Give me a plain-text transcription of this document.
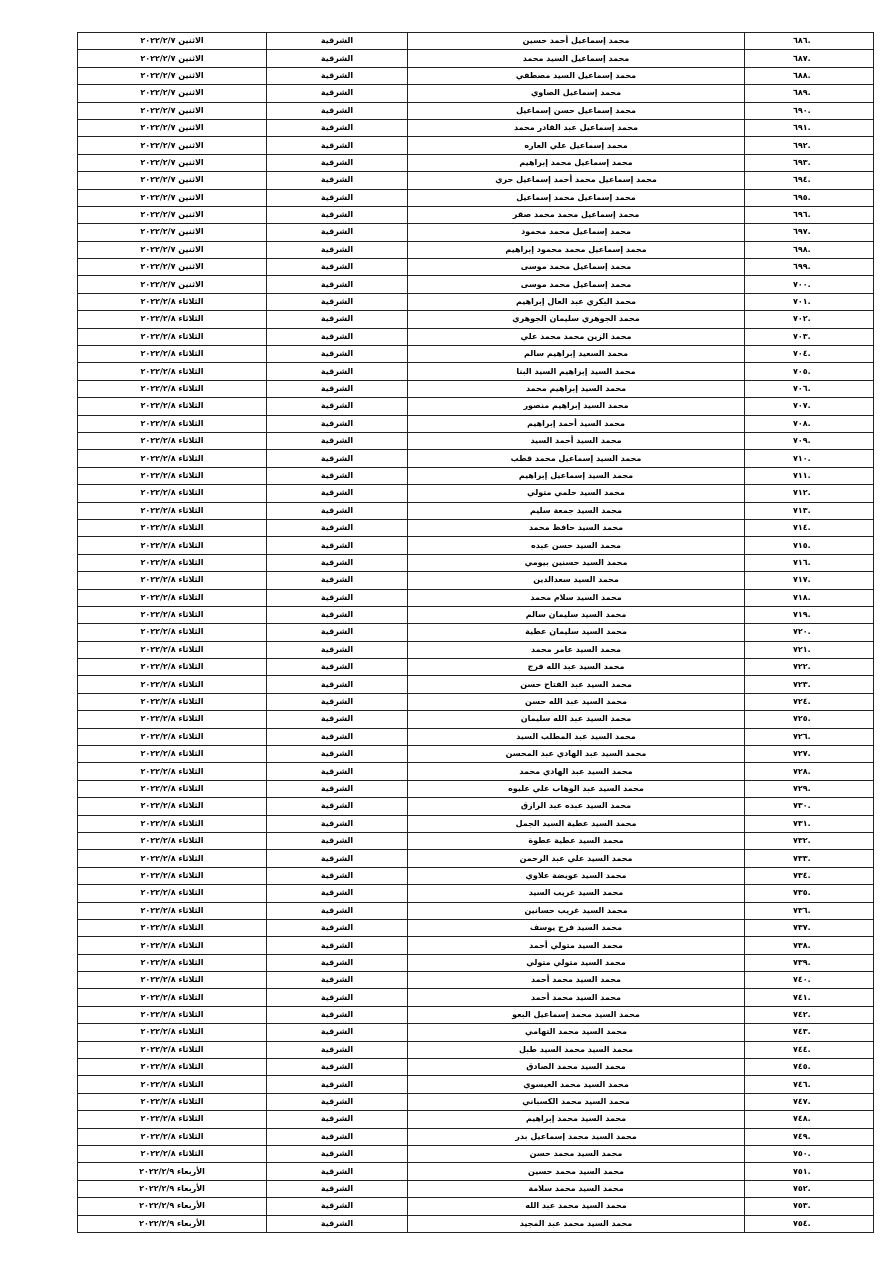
.٦٨٦	محمد إسماعيل أحمد حسين	الشرقية	الاثنين ٢٠٢٢/٢/٧
.٦٨٧	محمد إسماعيل السيد محمد	الشرقية	الاثنين ٢٠٢٢/٢/٧
.٦٨٨	محمد إسماعيل السيد مصطفي	الشرقية	الاثنين ٢٠٢٢/٢/٧
.٦٨٩	محمد إسماعيل الصاوي	الشرقية	الاثنين ٢٠٢٢/٢/٧
.٦٩٠	محمد إسماعيل حسن إسماعيل	الشرقية	الاثنين ٢٠٢٢/٢/٧
.٦٩١	محمد إسماعيل عبد القادر محمد	الشرقية	الاثنين ٢٠٢٢/٢/٧
.٦٩٢	محمد إسماعيل علي العاره	الشرقية	الاثنين ٢٠٢٢/٢/٧
.٦٩٣	محمد إسماعيل محمد إبراهيم	الشرقية	الاثنين ٢٠٢٢/٢/٧
.٦٩٤	محمد إسماعيل محمد أحمد إسماعيل حري	الشرقية	الاثنين ٢٠٢٢/٢/٧
.٦٩٥	محمد إسماعيل محمد إسماعيل	الشرقية	الاثنين ٢٠٢٢/٢/٧
.٦٩٦	محمد إسماعيل محمد محمد صقر	الشرقية	الاثنين ٢٠٢٢/٢/٧
.٦٩٧	محمد إسماعيل محمد محمود	الشرقية	الاثنين ٢٠٢٢/٢/٧
.٦٩٨	محمد إسماعيل محمد محمود إبراهيم	الشرقية	الاثنين ٢٠٢٢/٢/٧
.٦٩٩	محمد إسماعيل محمد موسى	الشرقية	الاثنين ٢٠٢٢/٢/٧
.٧٠٠	محمد إسماعيل محمد موسى	الشرقية	الاثنين ٢٠٢٢/٢/٧
.٧٠١	محمد البكري عبد العال إبراهيم	الشرقية	الثلاثاء ٢٠٢٢/٢/٨
.٧٠٢	محمد الجوهري سليمان الجوهري	الشرقية	الثلاثاء ٢٠٢٢/٢/٨
.٧٠٣	محمد الزين محمد محمد علي	الشرقية	الثلاثاء ٢٠٢٢/٢/٨
.٧٠٤	محمد السعيد إبراهيم سالم	الشرقية	الثلاثاء ٢٠٢٢/٢/٨
.٧٠٥	محمد السيد إبراهيم السيد البنا	الشرقية	الثلاثاء ٢٠٢٢/٢/٨
.٧٠٦	محمد السيد إبراهيم محمد	الشرقية	الثلاثاء ٢٠٢٢/٢/٨
.٧٠٧	محمد السيد إبراهيم منصور	الشرقية	الثلاثاء ٢٠٢٢/٢/٨
.٧٠٨	محمد السيد أحمد إبراهيم	الشرقية	الثلاثاء ٢٠٢٢/٢/٨
.٧٠٩	محمد السيد أحمد السيد	الشرقية	الثلاثاء ٢٠٢٢/٢/٨
.٧١٠	محمد السيد إسماعيل محمد قطب	الشرقية	الثلاثاء ٢٠٢٢/٢/٨
.٧١١	محمد السيد إسماعيل إبراهيم	الشرقية	الثلاثاء ٢٠٢٢/٢/٨
.٧١٢	محمد السيد حلمي متولي	الشرقية	الثلاثاء ٢٠٢٢/٢/٨
.٧١٣	محمد السيد جمعة سليم	الشرقية	الثلاثاء ٢٠٢٢/٢/٨
.٧١٤	محمد السيد حافظ محمد	الشرقية	الثلاثاء ٢٠٢٢/٢/٨
.٧١٥	محمد السيد حسن عبده	الشرقية	الثلاثاء ٢٠٢٢/٢/٨
.٧١٦	محمد السيد حسنين بيومي	الشرقية	الثلاثاء ٢٠٢٢/٢/٨
.٧١٧	محمد السيد سعدالدين	الشرقية	الثلاثاء ٢٠٢٢/٢/٨
.٧١٨	محمد السيد سلام محمد	الشرقية	الثلاثاء ٢٠٢٢/٢/٨
.٧١٩	محمد السيد سليمان سالم	الشرقية	الثلاثاء ٢٠٢٢/٢/٨
.٧٢٠	محمد السيد سليمان عطية	الشرقية	الثلاثاء ٢٠٢٢/٢/٨
.٧٢١	محمد السيد عامر محمد	الشرقية	الثلاثاء ٢٠٢٢/٢/٨
.٧٢٢	محمد السيد عبد الله فرج	الشرقية	الثلاثاء ٢٠٢٢/٢/٨
.٧٢٣	محمد السيد عبد الفتاح حسن	الشرقية	الثلاثاء ٢٠٢٢/٢/٨
.٧٢٤	محمد السيد عبد الله حسن	الشرقية	الثلاثاء ٢٠٢٢/٢/٨
.٧٢٥	محمد السيد عبد الله سليمان	الشرقية	الثلاثاء ٢٠٢٢/٢/٨
.٧٢٦	محمد السيد عبد المطلب السيد	الشرقية	الثلاثاء ٢٠٢٢/٢/٨
.٧٢٧	محمد السيد عبد الهادي عبد المحسن	الشرقية	الثلاثاء ٢٠٢٢/٢/٨
.٧٢٨	محمد السيد عبد الهادي محمد	الشرقية	الثلاثاء ٢٠٢٢/٢/٨
.٧٢٩	محمد السيد عبد الوهاب علي عليوه	الشرقية	الثلاثاء ٢٠٢٢/٢/٨
.٧٣٠	محمد السيد عبده عبد الرازق	الشرقية	الثلاثاء ٢٠٢٢/٢/٨
.٧٣١	محمد السيد عطية السيد الجمل	الشرقية	الثلاثاء ٢٠٢٢/٢/٨
.٧٣٢	محمد السيد عطية عطوة	الشرقية	الثلاثاء ٢٠٢٢/٢/٨
.٧٣٣	محمد السيد علي عبد الرحمن	الشرقية	الثلاثاء ٢٠٢٢/٢/٨
.٧٣٤	محمد السيد عويضة علاوي	الشرقية	الثلاثاء ٢٠٢٢/٢/٨
.٧٣٥	محمد السيد غريب السيد	الشرقية	الثلاثاء ٢٠٢٢/٢/٨
.٧٣٦	محمد السيد غريب حسانين	الشرقية	الثلاثاء ٢٠٢٢/٢/٨
.٧٣٧	محمد السيد فرج يوسف	الشرقية	الثلاثاء ٢٠٢٢/٢/٨
.٧٣٨	محمد السيد متولي أحمد	الشرقية	الثلاثاء ٢٠٢٢/٢/٨
.٧٣٩	محمد السيد متولي متولي	الشرقية	الثلاثاء ٢٠٢٢/٢/٨
.٧٤٠	محمد السيد محمد أحمد	الشرقية	الثلاثاء ٢٠٢٢/٢/٨
.٧٤١	محمد السيد محمد أحمد	الشرقية	الثلاثاء ٢٠٢٢/٢/٨
.٧٤٢	محمد السيد محمد إسماعيل البعو	الشرقية	الثلاثاء ٢٠٢٢/٢/٨
.٧٤٣	محمد السيد محمد التهامي	الشرقية	الثلاثاء ٢٠٢٢/٢/٨
.٧٤٤	محمد السيد محمد السيد طبل	الشرقية	الثلاثاء ٢٠٢٢/٢/٨
.٧٤٥	محمد السيد محمد الصادق	الشرقية	الثلاثاء ٢٠٢٢/٢/٨
.٧٤٦	محمد السيد محمد العيسوي	الشرقية	الثلاثاء ٢٠٢٢/٢/٨
.٧٤٧	محمد السيد محمد الكسباني	الشرقية	الثلاثاء ٢٠٢٢/٢/٨
.٧٤٨	محمد السيد محمد إبراهيم	الشرقية	الثلاثاء ٢٠٢٢/٢/٨
.٧٤٩	محمد السيد محمد إسماعيل بدر	الشرقية	الثلاثاء ٢٠٢٢/٢/٨
.٧٥٠	محمد السيد محمد حسن	الشرقية	الثلاثاء ٢٠٢٢/٢/٨
.٧٥١	محمد السيد محمد حسين	الشرقية	الأربعاء ٢٠٢٢/٢/٩
.٧٥٢	محمد السيد محمد سلامة	الشرقية	الأربعاء ٢٠٢٢/٢/٩
.٧٥٣	محمد السيد محمد عبد الله	الشرقية	الأربعاء ٢٠٢٢/٢/٩
.٧٥٤	محمد السيد محمد عبد المجيد	الشرقية	الأربعاء ٢٠٢٢/٢/٩
